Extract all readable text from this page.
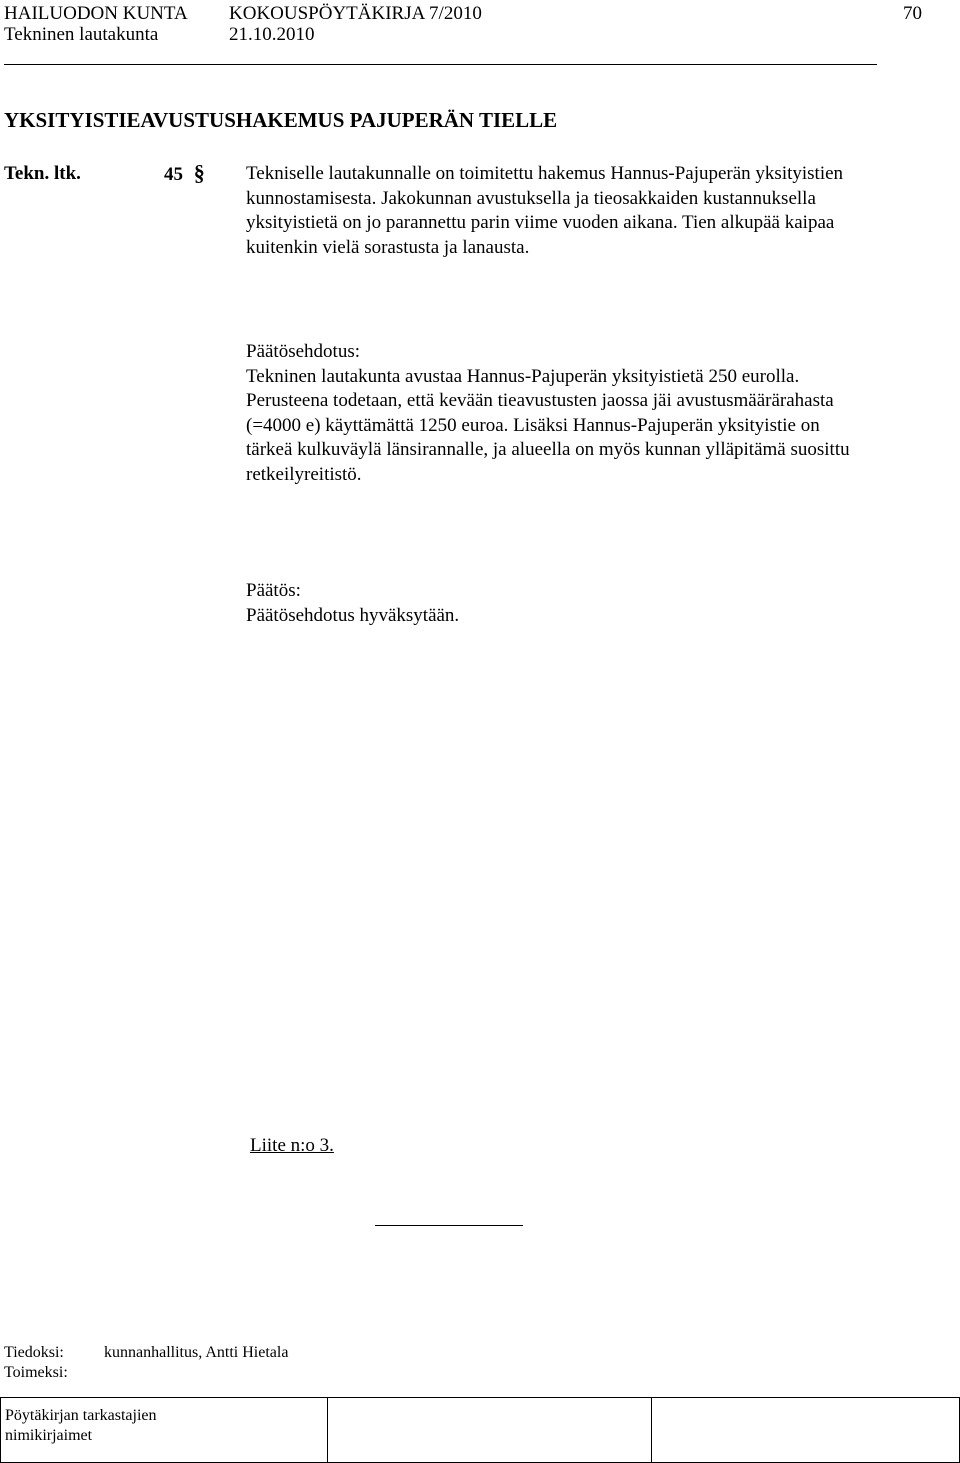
HAILUODON KUNTA KOKOUSPÖYTÄKIRJA 7/2010	70
Tekninen lautakunta	21.10.2010
YKSITYISTIEAVUSTUSHAKEMUS PAJUPERÄN TIELLE
Tekn. ltk.	45 § Tekniselle lautakunnalle on toimitettu hakemus Hannus-Pajuperän yksityistien
kunnostamisesta. Jakokunnan avustuksella ja tieosakkaiden kustannuksella
yksityistietä on jo parannettu parin viime vuoden aikana. Tien alkupää kaipaa
kuitenkin vielä sorastusta ja lanausta.
Päätösehdotus:
Tekninen lautakunta avustaa Hannus-Pajuperän yksityistietä 250 eurolla.
Perusteena todetaan, että kevään tieavustusten jaossa jäi avustusmäärärahasta
(=4000 e) käyttämättä 1250 euroa. Lisäksi Hannus-Pajuperän yksityistie on
tärkeä kulkuväylä länsirannalle, ja alueella on myös kunnan ylläpitämä suosittu
retkeilyreitistö.
Päätös:
Päätösehdotus hyväksytään.
Liite n:o 3.
Tiedoksi:	kunnanhallitus, Antti Hietala
Toimeksi:
Pöytäkirjan tarkastajien
nimikirjaimet
